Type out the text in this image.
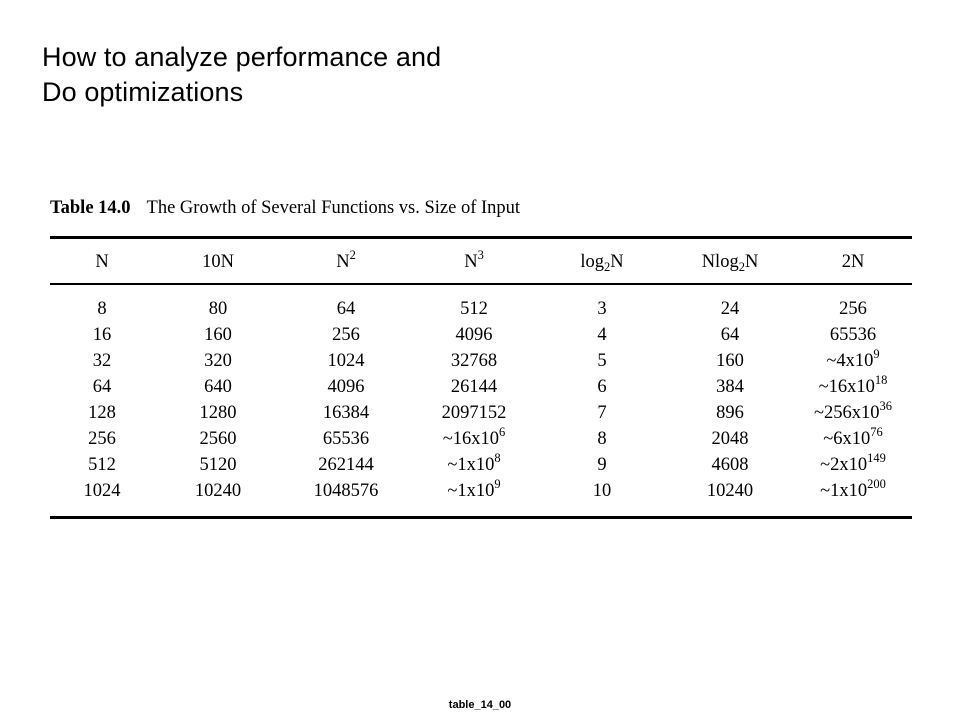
How to analyze performance and
Do optimizations
Table 14.0 The Growth of Several Functions vs. Size of Input
N	10N	$N^2$	$N^3$	$\log_2N$	Nlog$_2$N	2N
8	80	64	512	3	24	256
16	160	256	4096	4	64	65536
32	320	1024	32768	5	160	$\sim 4x10^9$
64	640	4096	26144	6	384	$\sim 16x10^{18}$
128	1280	16384	2097152	7	896	$\sim 256x10^{36}$
256	2560	65536	$\sim 16x10^6$	8	2048	$\sim 6x10^{76}$
512	5120	262144	$\sim 1x10^8$	9	4608	$\sim 2x10^{149}$
1024	10240	1048576	$\sim 1x10^9$	10	10240	$\sim 1x10^{200}$
table_14_00
